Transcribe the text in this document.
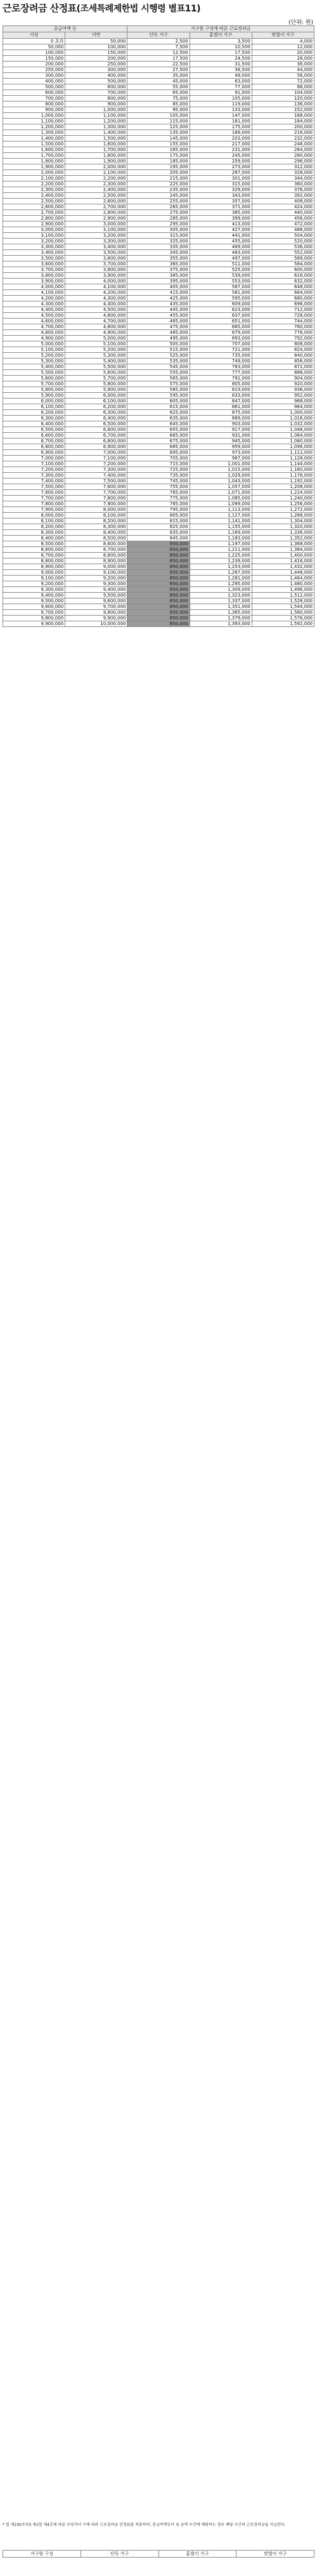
근로장려금 산정표(조세특례제한법 시행령 별표11)
(단위: 원)
총급여액 등		가구원 구성에 따른 근로장려금		
이상	미만	단독 가구	홑벌이 가구	맞벌이 가구
0 초과	50,000	2,500	3,500	4,000
50,000	100,000	7,500	10,500	12,000
100,000	150,000	12,500	17,500	20,000
150,000	200,000	17,500	24,500	28,000
200,000	250,000	22,500	31,500	36,000
250,000	300,000	27,500	38,500	44,000
300,000	400,000	35,000	49,000	56,000
400,000	500,000	45,000	63,000	72,000
500,000	600,000	55,000	77,000	88,000
600,000	700,000	65,000	91,000	104,000
700,000	800,000	75,000	105,000	120,000
800,000	900,000	85,000	119,000	136,000
900,000	1,000,000	95,000	133,000	152,000
1,000,000	1,100,000	105,000	147,000	168,000
1,100,000	1,200,000	115,000	161,000	184,000
1,200,000	1,300,000	125,000	175,000	200,000
1,300,000	1,400,000	135,000	189,000	216,000
1,400,000	1,500,000	145,000	203,000	232,000
1,500,000	1,600,000	155,000	217,000	248,000
1,600,000	1,700,000	165,000	231,000	264,000
1,700,000	1,800,000	175,000	245,000	280,000
1,800,000	1,900,000	185,000	259,000	296,000
1,900,000	2,000,000	195,000	273,000	312,000
2,000,000	2,100,000	205,000	287,000	328,000
2,100,000	2,200,000	215,000	301,000	344,000
2,200,000	2,300,000	225,000	315,000	360,000
2,300,000	2,400,000	235,000	329,000	376,000
2,400,000	2,500,000	245,000	343,000	392,000
2,500,000	2,600,000	255,000	357,000	408,000
2,600,000	2,700,000	265,000	371,000	424,000
2,700,000	2,800,000	275,000	385,000	440,000
2,800,000	2,900,000	285,000	399,000	456,000
2,900,000	3,000,000	295,000	413,000	472,000
3,000,000	3,100,000	305,000	427,000	488,000
3,100,000	3,200,000	315,000	441,000	504,000
3,200,000	3,300,000	325,000	455,000	520,000
3,300,000	3,400,000	335,000	469,000	536,000
3,400,000	3,500,000	345,000	483,000	552,000
3,500,000	3,600,000	355,000	497,000	568,000
3,600,000	3,700,000	365,000	511,000	584,000
3,700,000	3,800,000	375,000	525,000	600,000
3,800,000	3,900,000	385,000	539,000	616,000
3,900,000	4,000,000	395,000	553,000	632,000
4,000,000	4,100,000	405,000	567,000	648,000
4,100,000	4,200,000	415,000	581,000	664,000
4,200,000	4,300,000	425,000	595,000	680,000
4,300,000	4,400,000	435,000	609,000	696,000
4,400,000	4,500,000	445,000	623,000	712,000
4,500,000	4,600,000	455,000	637,000	728,000
4,600,000	4,700,000	465,000	651,000	744,000
4,700,000	4,800,000	475,000	665,000	760,000
4,800,000	4,900,000	485,000	679,000	776,000
4,900,000	5,000,000	495,000	693,000	792,000
5,000,000	5,100,000	505,000	707,000	808,000
5,100,000	5,200,000	515,000	721,000	824,000
5,200,000	5,300,000	525,000	735,000	840,000
5,300,000	5,400,000	535,000	749,000	856,000
5,400,000	5,500,000	545,000	763,000	872,000
5,500,000	5,600,000	555,000	777,000	888,000
5,600,000	5,700,000	565,000	791,000	904,000
5,700,000	5,800,000	575,000	805,000	920,000
5,800,000	5,900,000	585,000	819,000	936,000
5,900,000	6,000,000	595,000	833,000	952,000
6,000,000	6,100,000	605,000	847,000	968,000
6,100,000	6,200,000	615,000	861,000	984,000
6,200,000	6,300,000	625,000	875,000	1,000,000
6,300,000	6,400,000	635,000	889,000	1,016,000
6,400,000	6,500,000	645,000	903,000	1,032,000
6,500,000	6,600,000	655,000	917,000	1,048,000
6,600,000	6,700,000	665,000	931,000	1,064,000
6,700,000	6,800,000	675,000	945,000	1,080,000
6,800,000	6,900,000	685,000	959,000	1,096,000
6,900,000	7,000,000	695,000	973,000	1,112,000
7,000,000	7,100,000	705,000	987,000	1,128,000
7,100,000	7,200,000	715,000	1,001,000	1,144,000
7,200,000	7,300,000	725,000	1,015,000	1,160,000
7,300,000	7,400,000	735,000	1,029,000	1,176,000
7,400,000	7,500,000	745,000	1,043,000	1,192,000
7,500,000	7,600,000	755,000	1,057,000	1,208,000
7,600,000	7,700,000	765,000	1,071,000	1,224,000
7,700,000	7,800,000	775,000	1,085,000	1,240,000
7,800,000	7,900,000	785,000	1,099,000	1,256,000
7,900,000	8,000,000	795,000	1,113,000	1,272,000
8,000,000	8,100,000	805,000	1,127,000	1,288,000
8,100,000	8,200,000	815,000	1,141,000	1,304,000
8,200,000	8,300,000	825,000	1,155,000	1,320,000
8,300,000	8,400,000	835,000	1,169,000	1,336,000
8,400,000	8,500,000	845,000	1,183,000	1,352,000
8,500,000	8,600,000	850,000	1,197,000	1,368,000
8,600,000	8,700,000	850,000	1,211,000	1,384,000
8,700,000	8,800,000	850,000	1,225,000	1,400,000
8,800,000	8,900,000	850,000	1,239,000	1,416,000
8,900,000	9,000,000	850,000	1,253,000	1,432,000
9,000,000	9,100,000	850,000	1,267,000	1,448,000
9,100,000	9,200,000	850,000	1,281,000	1,464,000
9,200,000	9,300,000	850,000	1,295,000	1,480,000
9,300,000	9,400,000	850,000	1,309,000	1,496,000
9,400,000	9,500,000	850,000	1,323,000	1,512,000
9,500,000	9,600,000	850,000	1,337,000	1,528,000
9,600,000	9,700,000	850,000	1,351,000	1,544,000
9,700,000	9,800,000	850,000	1,365,000	1,560,000
9,800,000	9,900,000	850,000	1,379,000	1,576,000
9,900,000	10,000,000	850,000	1,393,000	1,592,000
* 법 제100조의3 제1항 제4호에 따른 부양자녀 수에 따라 근로장려금 산정표를 적용하며, 총급여액등이 위 금액 구간에 해당하는 경우 해당 구간의 근로장려금을 지급한다.
가구원 구성	단독 가구	홑벌이 가구	맞벌이 가구
